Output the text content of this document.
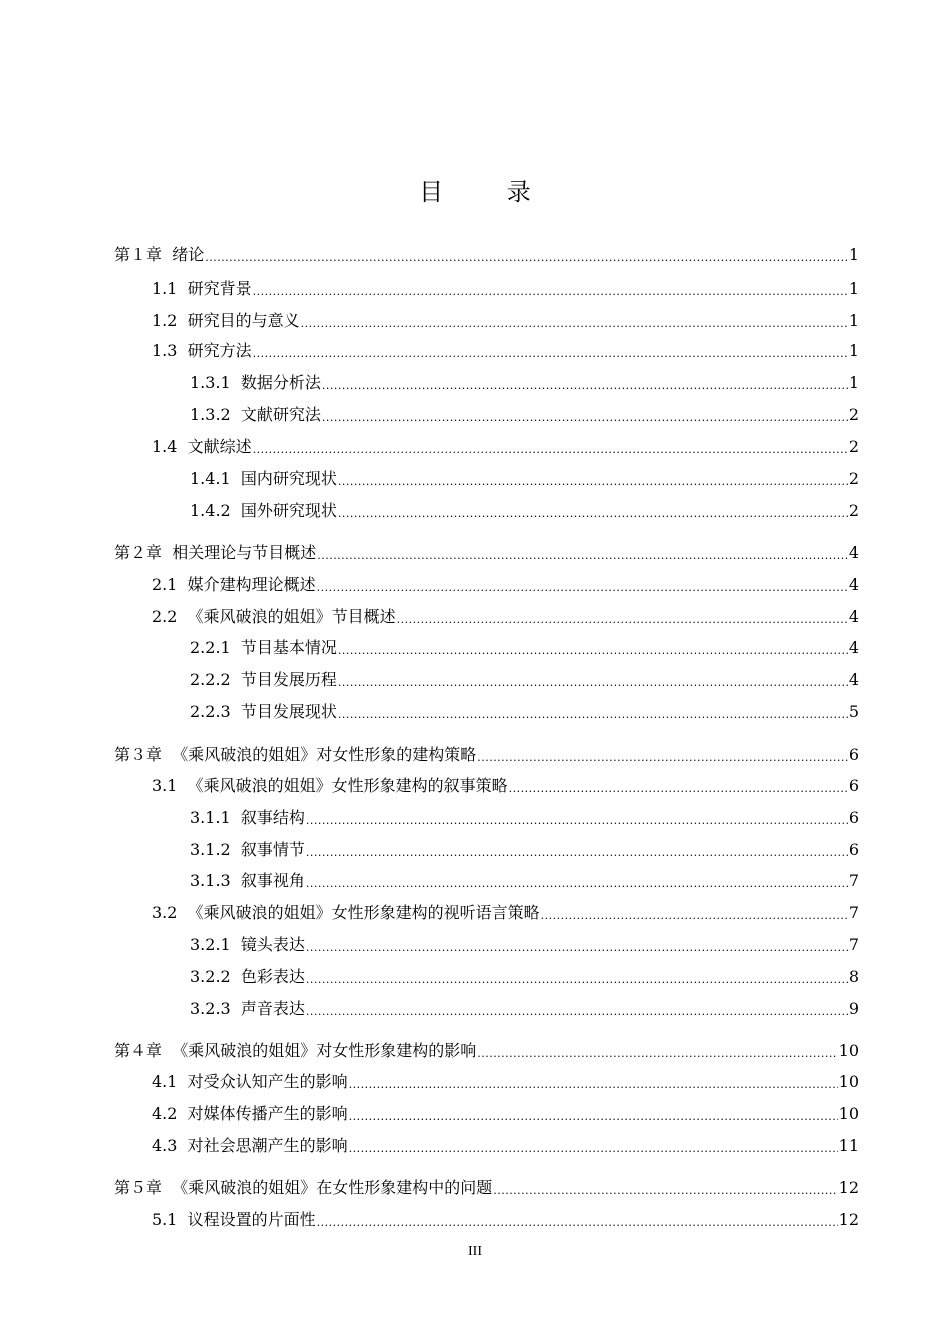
目 录
第１章 绪论 .....	1
1.1 研究背景 .....	1
1.2 研究目的与意义 .....	1
1.3 研究方法 .....	1
1.3.1 数据分析法 .....	1
1.3.2 文献研究法 .....	2
1.4 文献综述 .....	2
1.4.1 国内研究现状 .....	2
1.4.2 国外研究现状 .....	2
第２章 相关理论与节目概述 .....	4
2.1 媒介建构理论概述 .....	4
2.2 《乘风破浪的姐姐》节目概述 .....	4
2.2.1 节目基本情况 .....	4
2.2.2 节目发展历程 .....	4
2.2.3 节目发展现状 .....	5
第３章 《乘风破浪的姐姐》对女性形象的建构策略 .....	6
3.1 《乘风破浪的姐姐》女性形象建构的叙事策略 .....	6
3.1.1 叙事结构 .....	6
3.1.2 叙事情节 .....	6
3.1.3 叙事视角 .....	7
3.2 《乘风破浪的姐姐》女性形象建构的视听语言策略 .....	7
3.2.1 镜头表达 .....	7
3.2.2 色彩表达 .....	8
3.2.3 声音表达 .....	9
第４章 《乘风破浪的姐姐》对女性形象建构的影响 .....	10
4.1 对受众认知产生的影响 .....	10
4.2 对媒体传播产生的影响 .....	10
4.3 对社会思潮产生的影响 .....	11
第５章 《乘风破浪的姐姐》在女性形象建构中的问题 .....	12
5.1 议程设置的片面性 .....	12
III
